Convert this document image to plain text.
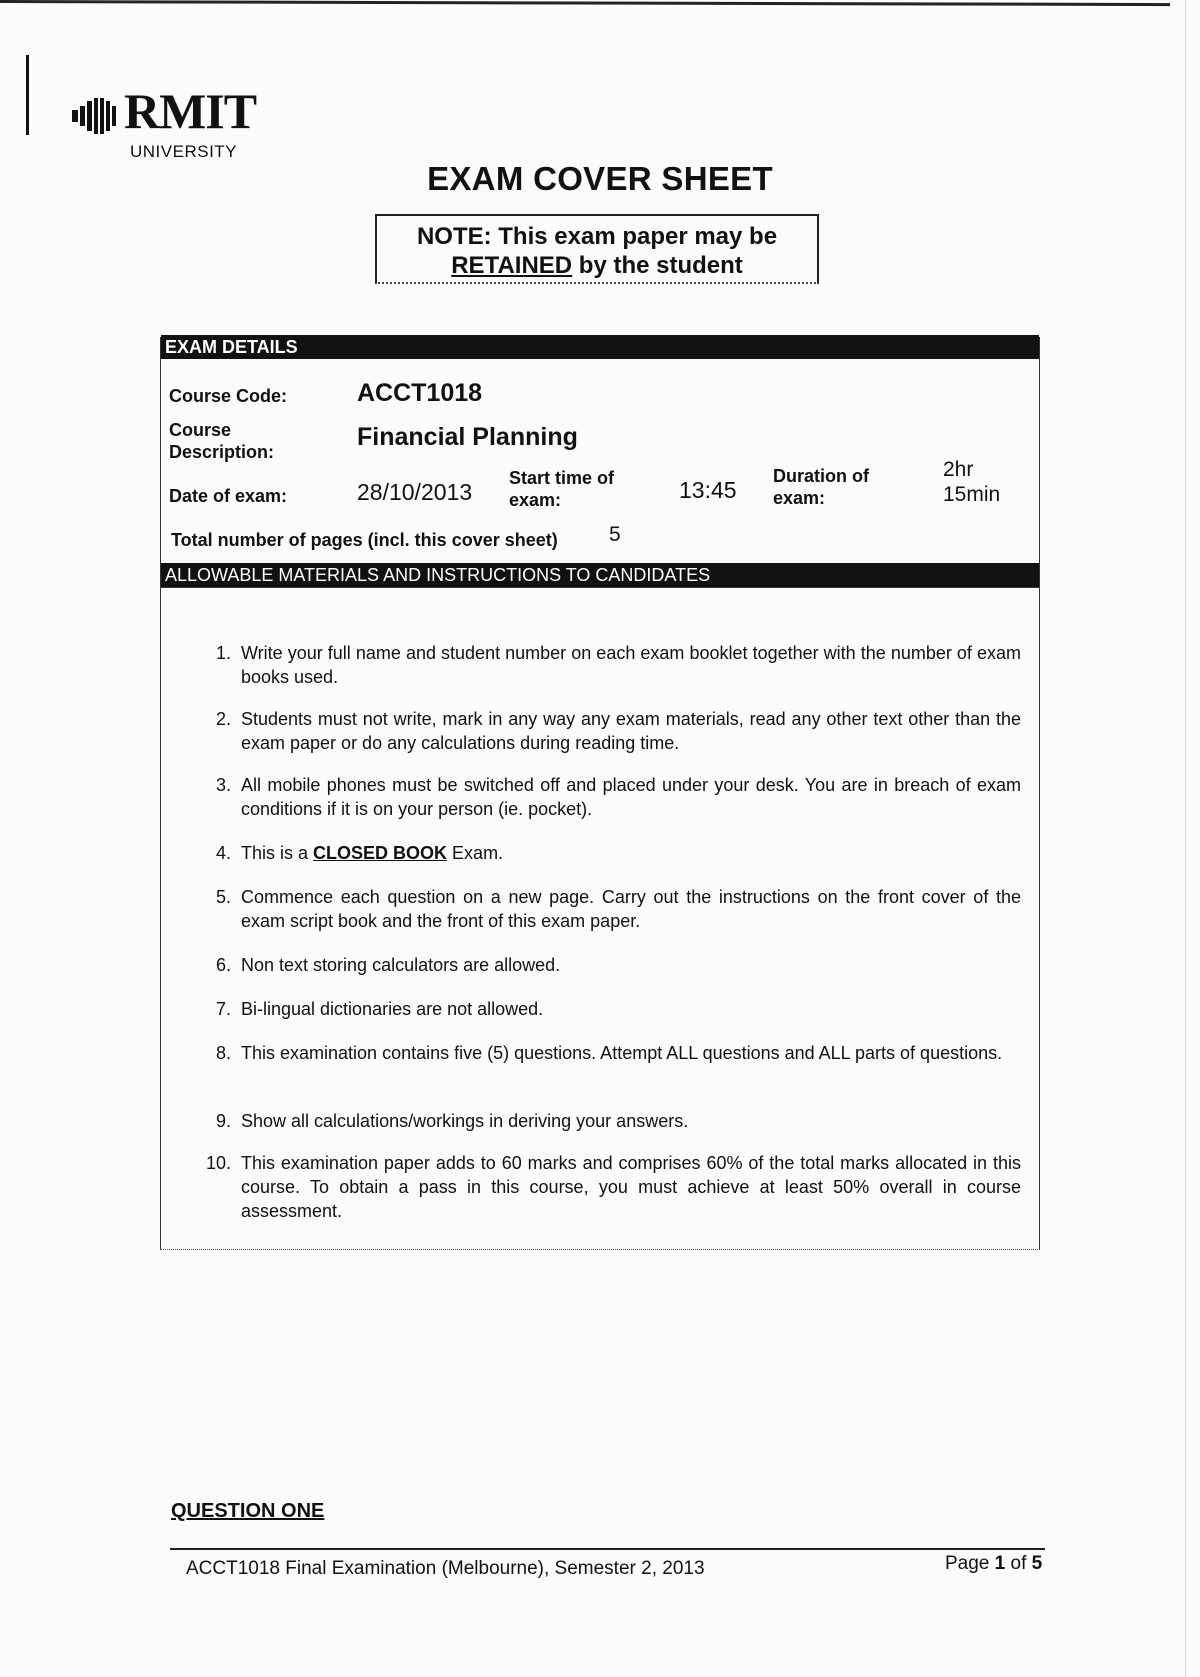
RMIT
UNIVERSITY
EXAM COVER SHEET
NOTE: This exam paper may be
RETAINED by the student
EXAM DETAILS
Course Code:	ACCT1018
Course Description:
Financial Planning
Date of exam:	28/10/2013
Start time of exam:	13:45
Duration of exam:
2hr 15min
Total number of pages (incl. this cover sheet) 5
ALLOWABLE MATERIALS AND INSTRUCTIONS TO CANDIDATES
1. Write your full name and student number on each exam booklet together with the number of exam books used.
2. Students must not write, mark in any way any exam materials, read any other text other than the exam paper or do any calculations during reading time.
3. All mobile phones must be switched off and placed under your desk. You are in breach of exam conditions if it is on your person (ie. pocket).
4. This is a CLOSED BOOK Exam.
5. Commence each question on a new page. Carry out the instructions on the front cover of the exam script book and the front of this exam paper.
6. Non text storing calculators are allowed.
7. Bi-lingual dictionaries are not allowed.
8. This examination contains five (5) questions. Attempt ALL questions and ALL parts of questions.
9. Show all calculations/workings in deriving your answers.
10. This examination paper adds to 60 marks and comprises 60% of the total marks allocated in this course. To obtain a pass in this course, you must achieve at least 50% overall in course assessment.
QUESTION ONE
ACCT1018 Final Examination (Melbourne), Semester 2, 2013	Page 1 of 5
